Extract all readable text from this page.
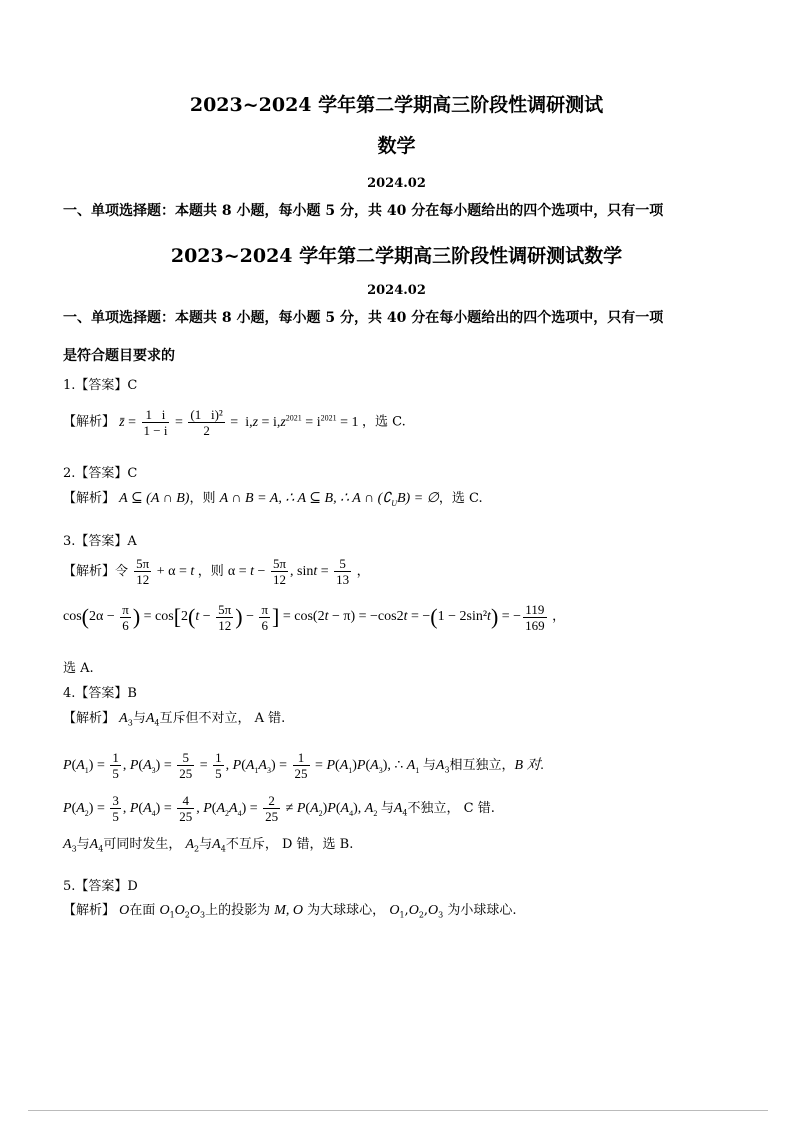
2023~2024 学年第二学期高三阶段性调研测试
数学
2024.02
一、单项选择题：本题共 8 小题，每小题 5 分，共 40 分在每小题给出的四个选项中，只有一项
2023~2024 学年第二学期高三阶段性调研测试数学
2024.02
一、单项选择题：本题共 8 小题，每小题 5 分，共 40 分在每小题给出的四个选项中，只有一项
是符合题目要求的
1.【答案】C
【解析】 z̄ = $\frac{1 i}{1 - i} = \frac{\text{(1   i)²}}{2} = i,z = i,z^{2021} = i^{2021} = 1$ ，选 C.
2.【答案】C
【解析】 A ⊆ (A ∩ B)，则 A ∩ B = A, ∴ A ⊆ B, ∴ A ∩ $(∁_UB)$ = ∅，选 C.
3.【答案】A
【解析】令 $\frac{5\pi}{12} + \alpha = t$ ，则 $\alpha = t - \frac{5\pi}{12}$ , $\sin t = \frac{5}{13}$ ，
$\cos(2\alpha - \frac{\pi}{6}$ ) = $\cos[2(t - \frac{5\pi}{12}$ ) − $\frac{\pi}{6}$ ] = cos(2t − π) = −cos2t = −(1 − 2sin²t) = − $\frac{119}{169}$ ，
选 A.
4.【答案】B
【解析】 $A_3$与$A_4$互斥但不对立， A 错.
$P(A_1) = \frac{1}{5}$ , $P(A_3) = \frac{5}{25} = \frac{1}{5}$ , $P(A_1A_3) = \frac{1}{25} = P(A_1)P(A_3)$, ∴ $A_1$ 与$A_3$相互独立，B 对.
$P(A_2) = \frac{3}{5}$ , $P(A_4) = \frac{4}{25}$ , $P(A_2A_4) = \frac{2}{25} \ne P(A_2)P(A_4)$, $A_2$ 与$A_4$不独立， C 错.
$A_3$与$A_4$可同时发生， $A_2$与$A_4$不互斥， D 错，选 B.
5.【答案】D
【解析】 O在面 $O_1O_2O_3$上的投影为 M, O 为大球球心， $O_1,O_2,O_3$ 为小球球心.
